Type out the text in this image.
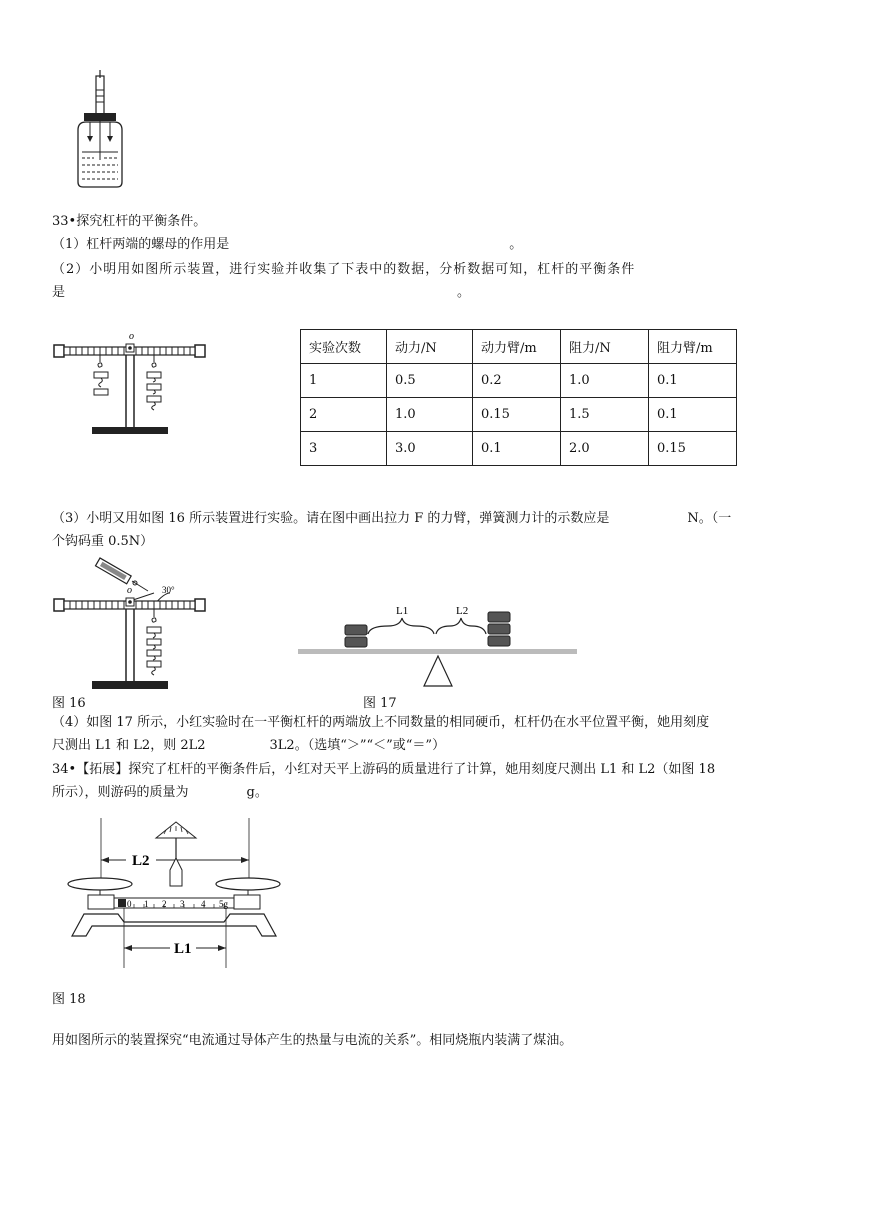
33•探究杠杆的平衡条件。
（1）杠杆两端的螺母的作用是	。
（2）小明用如图所示装置，进行实验并收集了下表中的数据，分析数据可知，杠杆的平衡条件
是	。
o
实验次数	动力/N	动力臂/m	阻力/N	阻力臂/m
1	0.5	0.2	1.0	0.1
2	1.0	0.15	1.5	0.1
3	3.0	0.1	2.0	0.15
（3）小明又用如图 16 所示装置进行实验。请在图中画出拉力 F 的力臂，弹簧测力计的示数应是	N。（一
个钩码重 0.5N）
30°
o
L1	L2
图 16	图 17
（4）如图 17 所示，小红实验时在一平衡杠杆的两端放上不同数量的相同硬币，杠杆仍在水平位置平衡，她用刻度
尺测出 L1 和 L2，则 2L2	3L2。（选填“＞”“＜”或“＝”）
34•【拓展】探究了杠杆的平衡条件后，小红对天平上游码的质量进行了计算，她用刻度尺测出 L1 和 L2（如图 18
所示），则游码的质量为	g。
L2
0 1 2 3 4 5g
L1
图 18
用如图所示的装置探究“电流通过导体产生的热量与电流的关系”。相同烧瓶内装满了煤油。
